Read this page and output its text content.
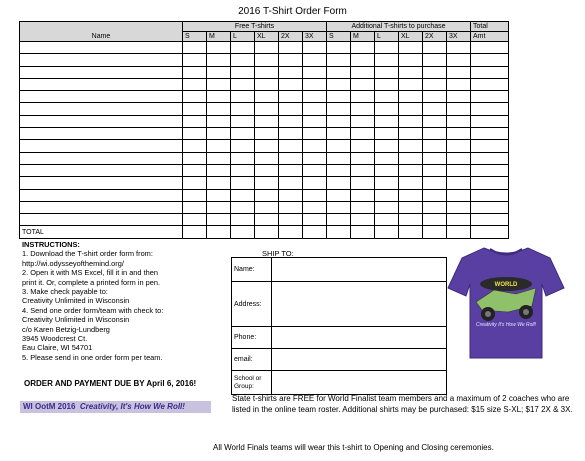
2016 T-Shirt Order Form
Name	Free T-shirts						Additional T-shirts to purchase						Total
	S	M	L	XL	2X	3X	S	M	L	XL	2X	3X	Amt

TOTAL													
INSTRUCTIONS:
1. Download the T-shirt order form from:
http://wi.odysseyofthemind.org/
2. Open it with MS Excel, fill it in and then
print it. Or, complete a printed form in pen.
3. Make check payable to:
Creativity Unlimited in Wisconsin
4. Send one order form/team with check to:
Creativity Unlimited in Wisconsin
c/o Karen Betzig-Lundberg
3945 Woodcrest Ct.
Eau Claire, WI 54701
5. Please send in one order form per team.
ORDER AND PAYMENT DUE BY April 6, 2016!
WI OotM 2016 Creativity, It's How We Roll!
SHIP TO:
Name:	
Address:	
Phone:	
email:	
School or Group:	
WORLD
Creativity It's How We Roll!
State t-shirts are FREE for World Finalist team members and a maximum of 2 coaches who are listed in the online team roster. Additional shirts may be purchased: $15 size S-XL; $17 2X & 3X.
All World Finals teams will wear this t-shirt to Opening and Closing ceremonies.
